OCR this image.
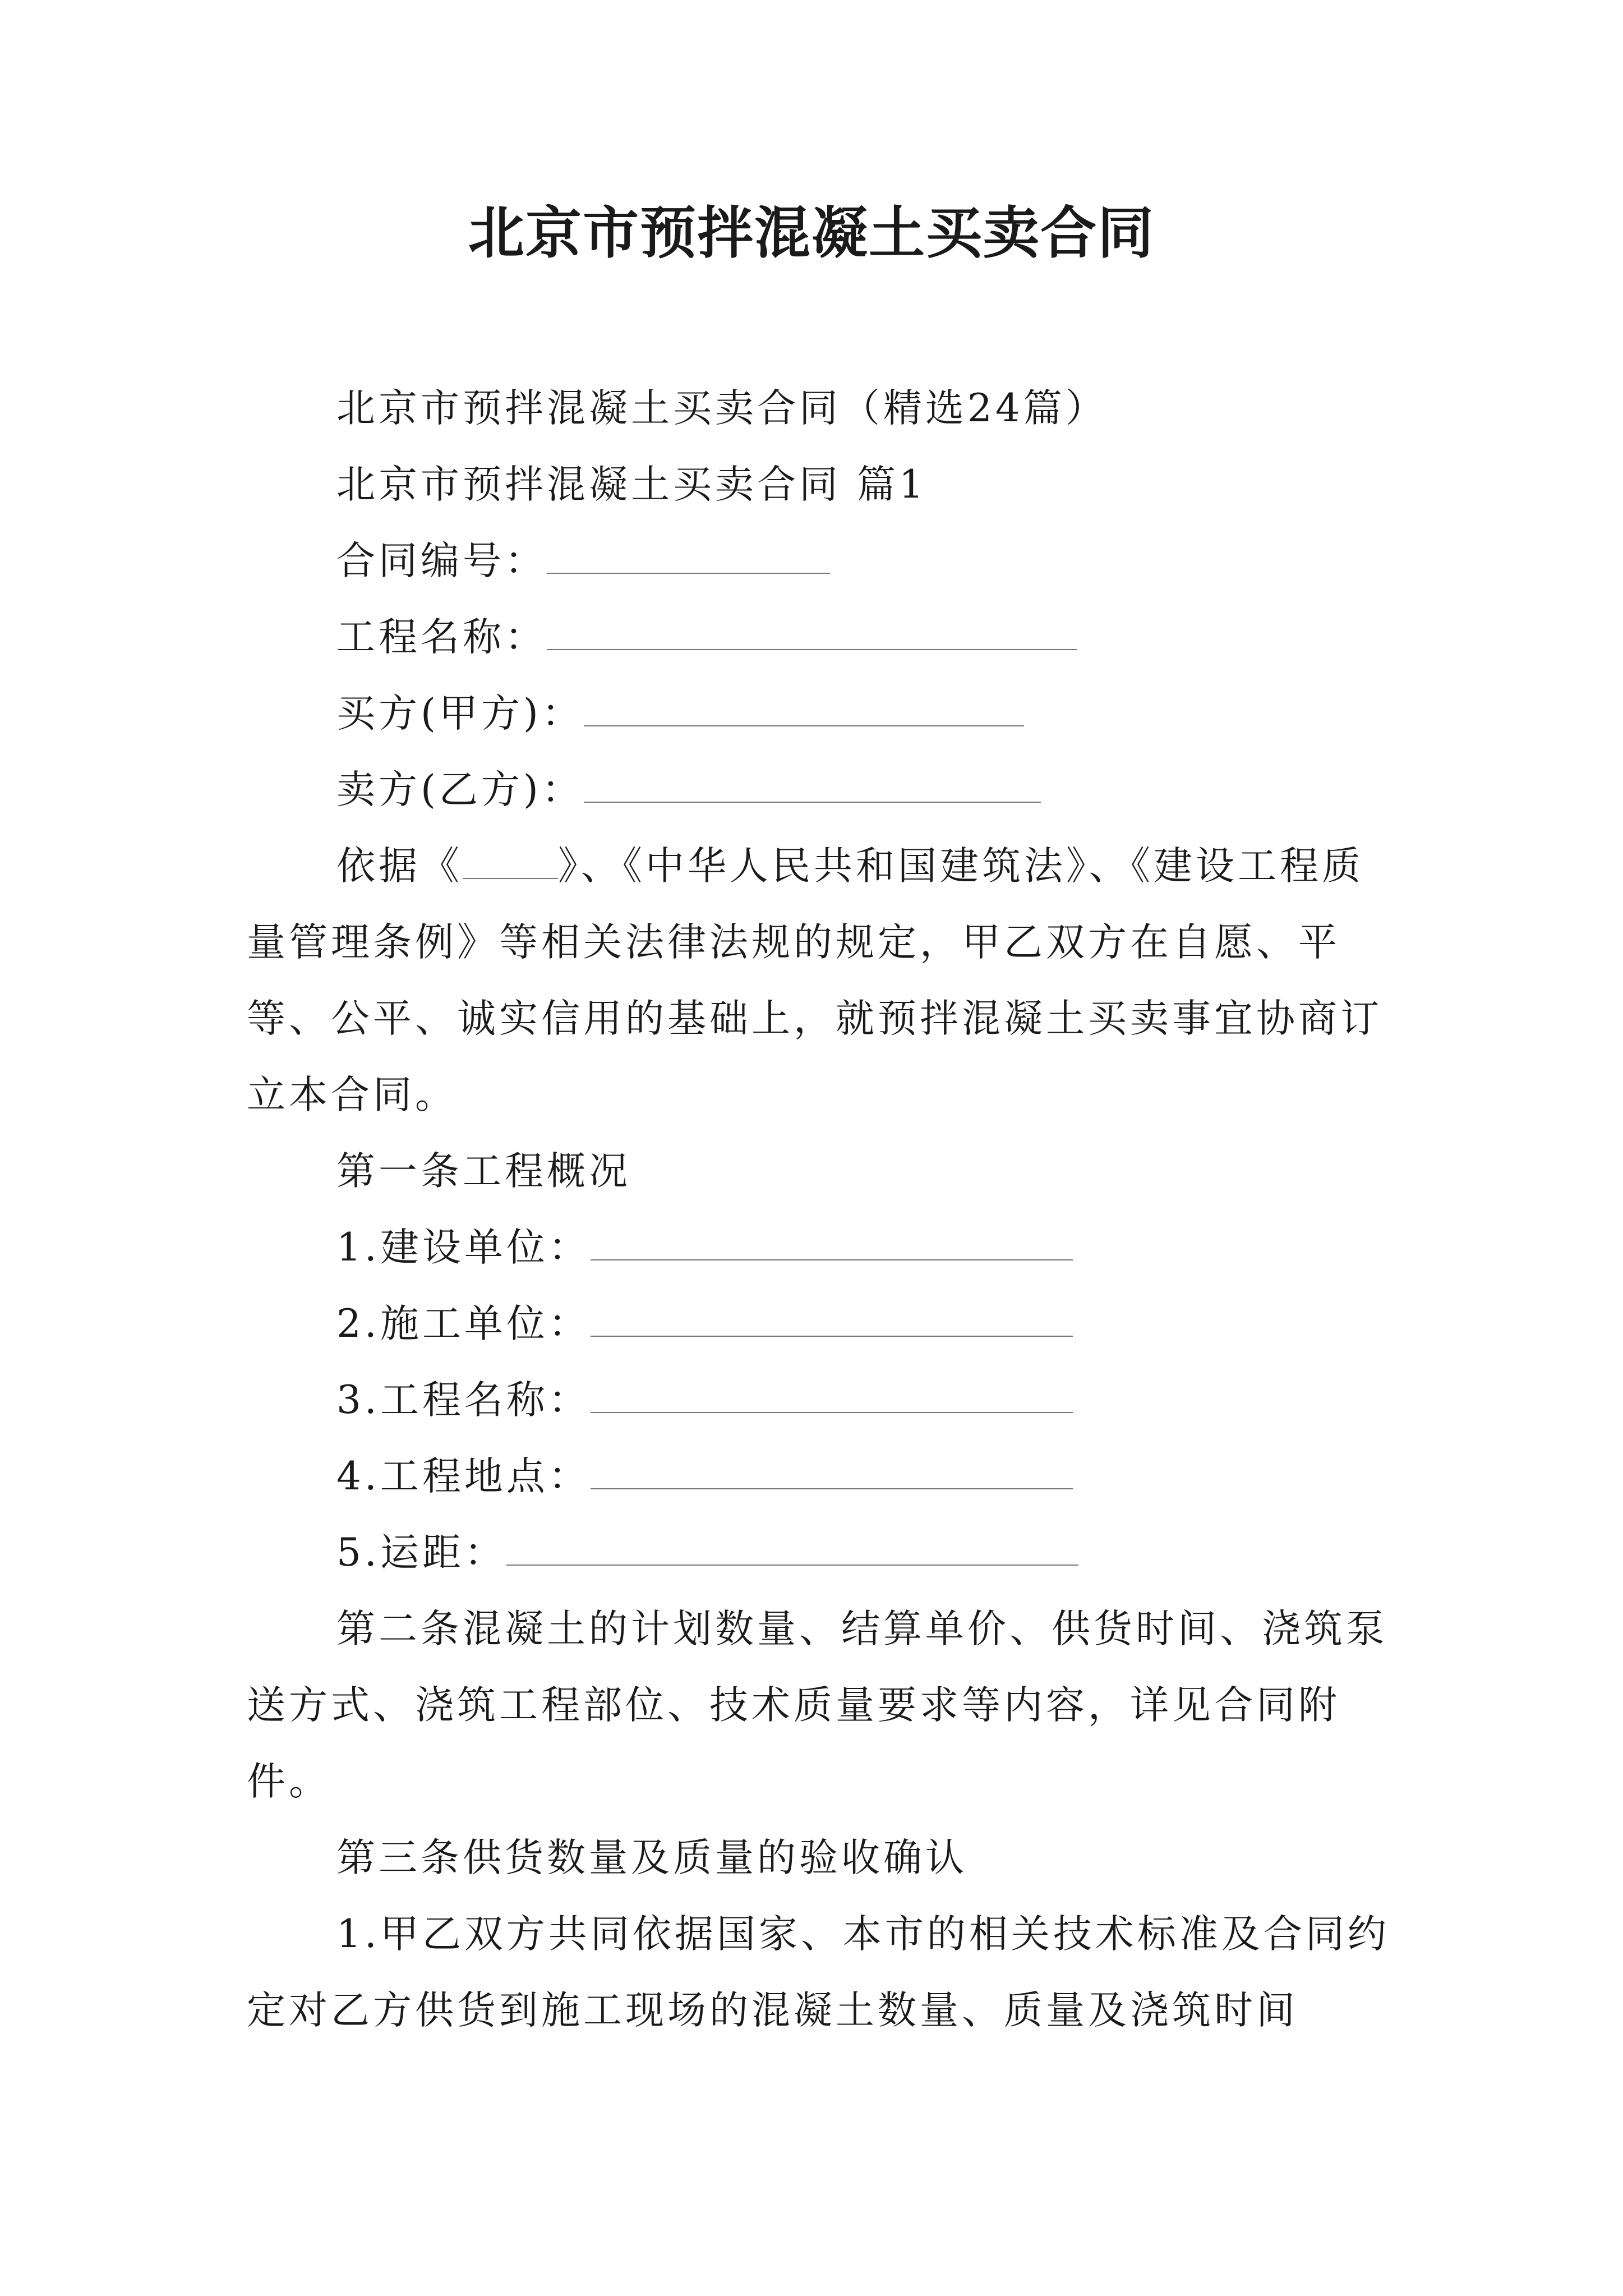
北京市预拌混凝土买卖合同

北京市预拌混凝土买卖合同（精选24篇）

北京市预拌混凝土买卖合同 篇1

合同编号：

工程名称：

买方(甲方)：

卖方(乙方)：

依据《 》、《中华人民共和国建筑法》、《建设工程质量管理条例》等相关法律法规的规定，甲乙双方在自愿、平等、公平、诚实信用的基础上，就预拌混凝土买卖事宜协商订立本合同。

第一条工程概况

1.建设单位：

2.施工单位：

3.工程名称：

4.工程地点：

5.运距：

第二条混凝土的计划数量、结算单价、供货时间、浇筑泵送方式、浇筑工程部位、技术质量要求等内容，详见合同附件。

第三条供货数量及质量的验收确认

1.甲乙双方共同依据国家、本市的相关技术标准及合同约定对乙方供货到施工现场的混凝土数量、质量及浇筑时间
